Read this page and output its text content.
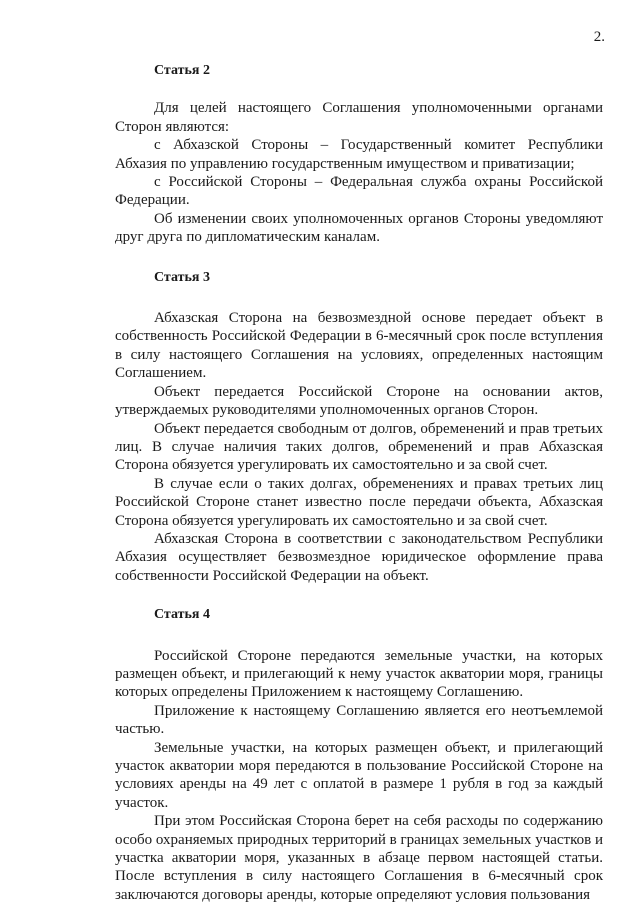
2.
Статья 2

Для целей настоящего Соглашения уполномоченными органами Сторон являются:

с Абхазской Стороны – Государственный комитет Республики Абхазия по управлению государственным имуществом и приватизации;

с Российской Стороны – Федеральная служба охраны Российской Федерации.

Об изменении своих уполномоченных органов Стороны уведомляют друг друга по дипломатическим каналам.

Статья 3

Абхазская Сторона на безвозмездной основе передает объект в собственность Российской Федерации в 6-месячный срок после вступления в силу настоящего Соглашения на условиях, определенных настоящим Соглашением.

Объект передается Российской Стороне на основании актов, утверждаемых руководителями уполномоченных органов Сторон.

Объект передается свободным от долгов, обременений и прав третьих лиц. В случае наличия таких долгов, обременений и прав Абхазская Сторона обязуется урегулировать их самостоятельно и за свой счет.

В случае если о таких долгах, обременениях и правах третьих лиц Российской Стороне станет известно после передачи объекта, Абхазская Сторона обязуется урегулировать их самостоятельно и за свой счет.

Абхазская Сторона в соответствии с законодательством Республики Абхазия осуществляет безвозмездное юридическое оформление права собственности Российской Федерации на объект.

Статья 4

Российской Стороне передаются земельные участки, на которых размещен объект, и прилегающий к нему участок акватории моря, границы которых определены Приложением к настоящему Соглашению.

Приложение к настоящему Соглашению является его неотъемлемой частью.

Земельные участки, на которых размещен объект, и прилегающий участок акватории моря передаются в пользование Российской Стороне на условиях аренды на 49 лет с оплатой в размере 1 рубля в год за каждый участок.

При этом Российская Сторона берет на себя расходы по содержанию особо охраняемых природных территорий в границах земельных участков и участка акватории моря, указанных в абзаце первом настоящей статьи. После вступления в силу настоящего Соглашения в 6-месячный срок заключаются договоры аренды, которые определяют условия пользования
